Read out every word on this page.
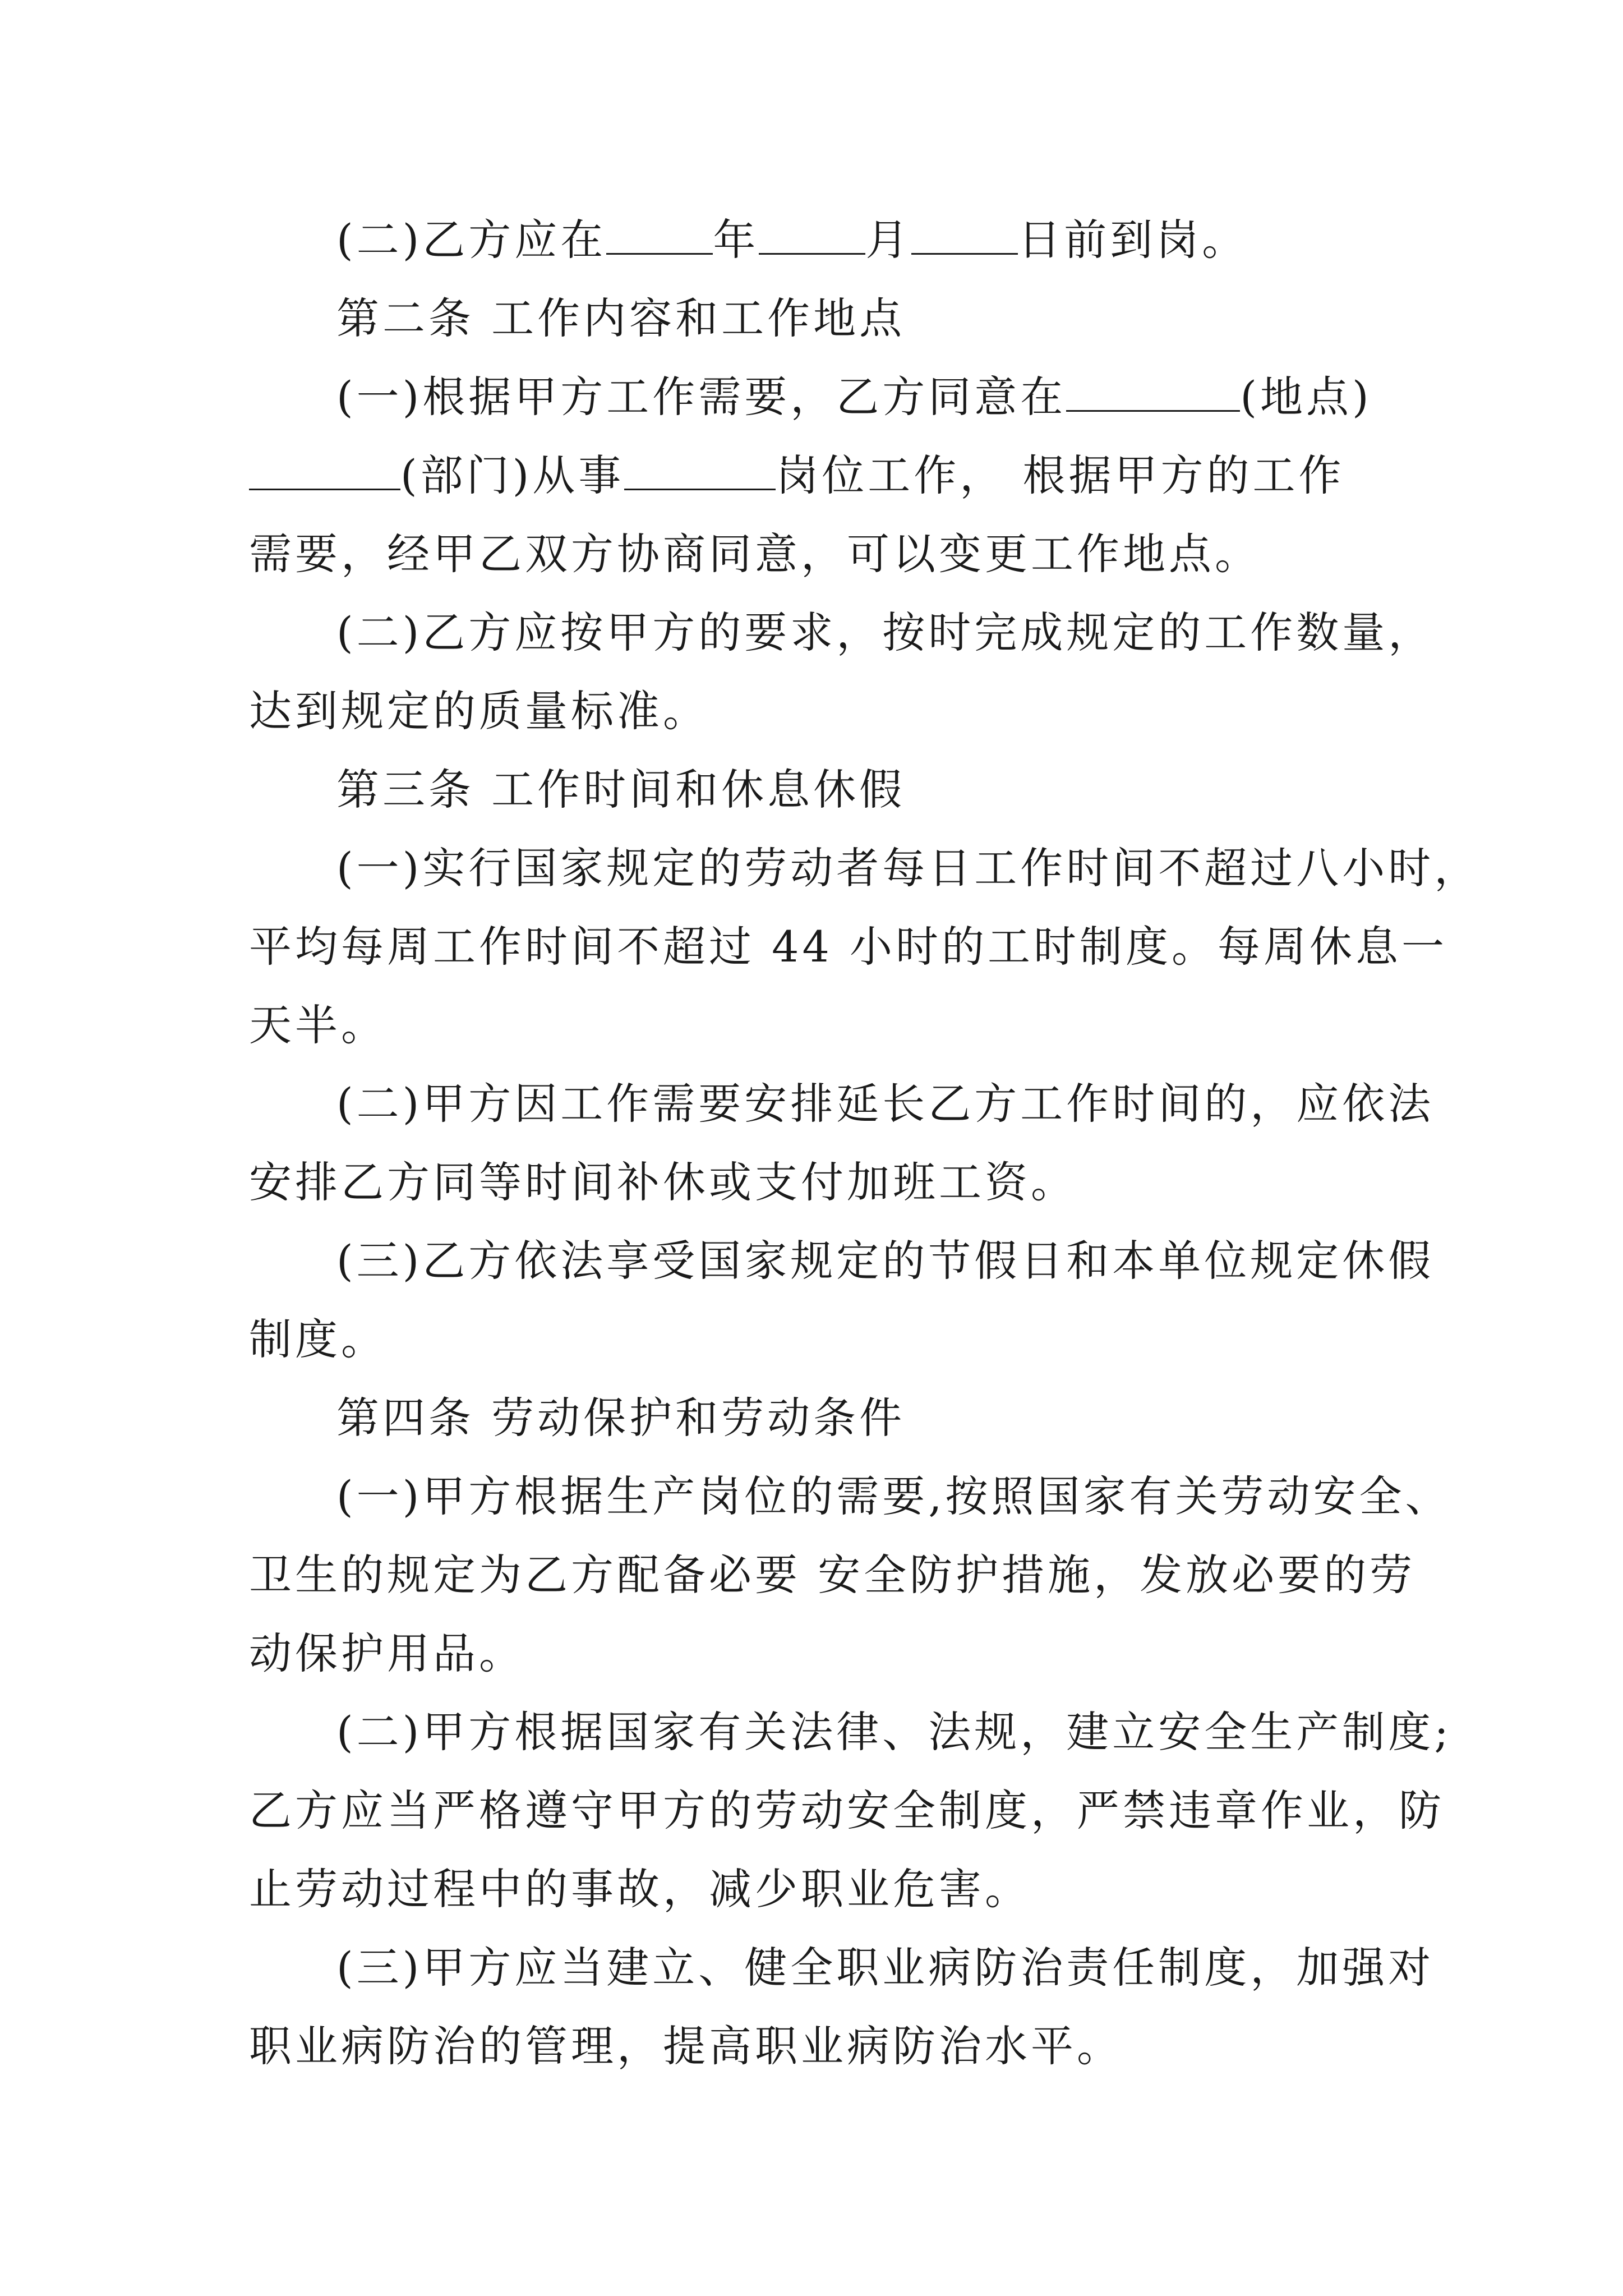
(二)乙方应在	年	月	日前到岗。
第二条 工作内容和工作地点
(一)根据甲方工作需要，乙方同意在	(地点)
(部门)从事	岗位工作， 根据甲方的工作
需要，经甲乙双方协商同意，可以变更工作地点。
(二)乙方应按甲方的要求，按时完成规定的工作数量，
达到规定的质量标准。
第三条 工作时间和休息休假
(一)实行国家规定的劳动者每日工作时间不超过八小时，
平均每周工作时间不超过 44 小时的工时制度。每周休息一
天半。
(二)甲方因工作需要安排延长乙方工作时间的，应依法
安排乙方同等时间补休或支付加班工资。
(三)乙方依法享受国家规定的节假日和本单位规定休假
制度。
第四条 劳动保护和劳动条件
(一)甲方根据生产岗位的需要,按照国家有关劳动安全、
卫生的规定为乙方配备必要 安全防护措施，发放必要的劳
动保护用品。
(二)甲方根据国家有关法律、法规，建立安全生产制度;
乙方应当严格遵守甲方的劳动安全制度，严禁违章作业，防
止劳动过程中的事故，减少职业危害。
(三)甲方应当建立、健全职业病防治责任制度，加强对
职业病防治的管理，提高职业病防治水平。
